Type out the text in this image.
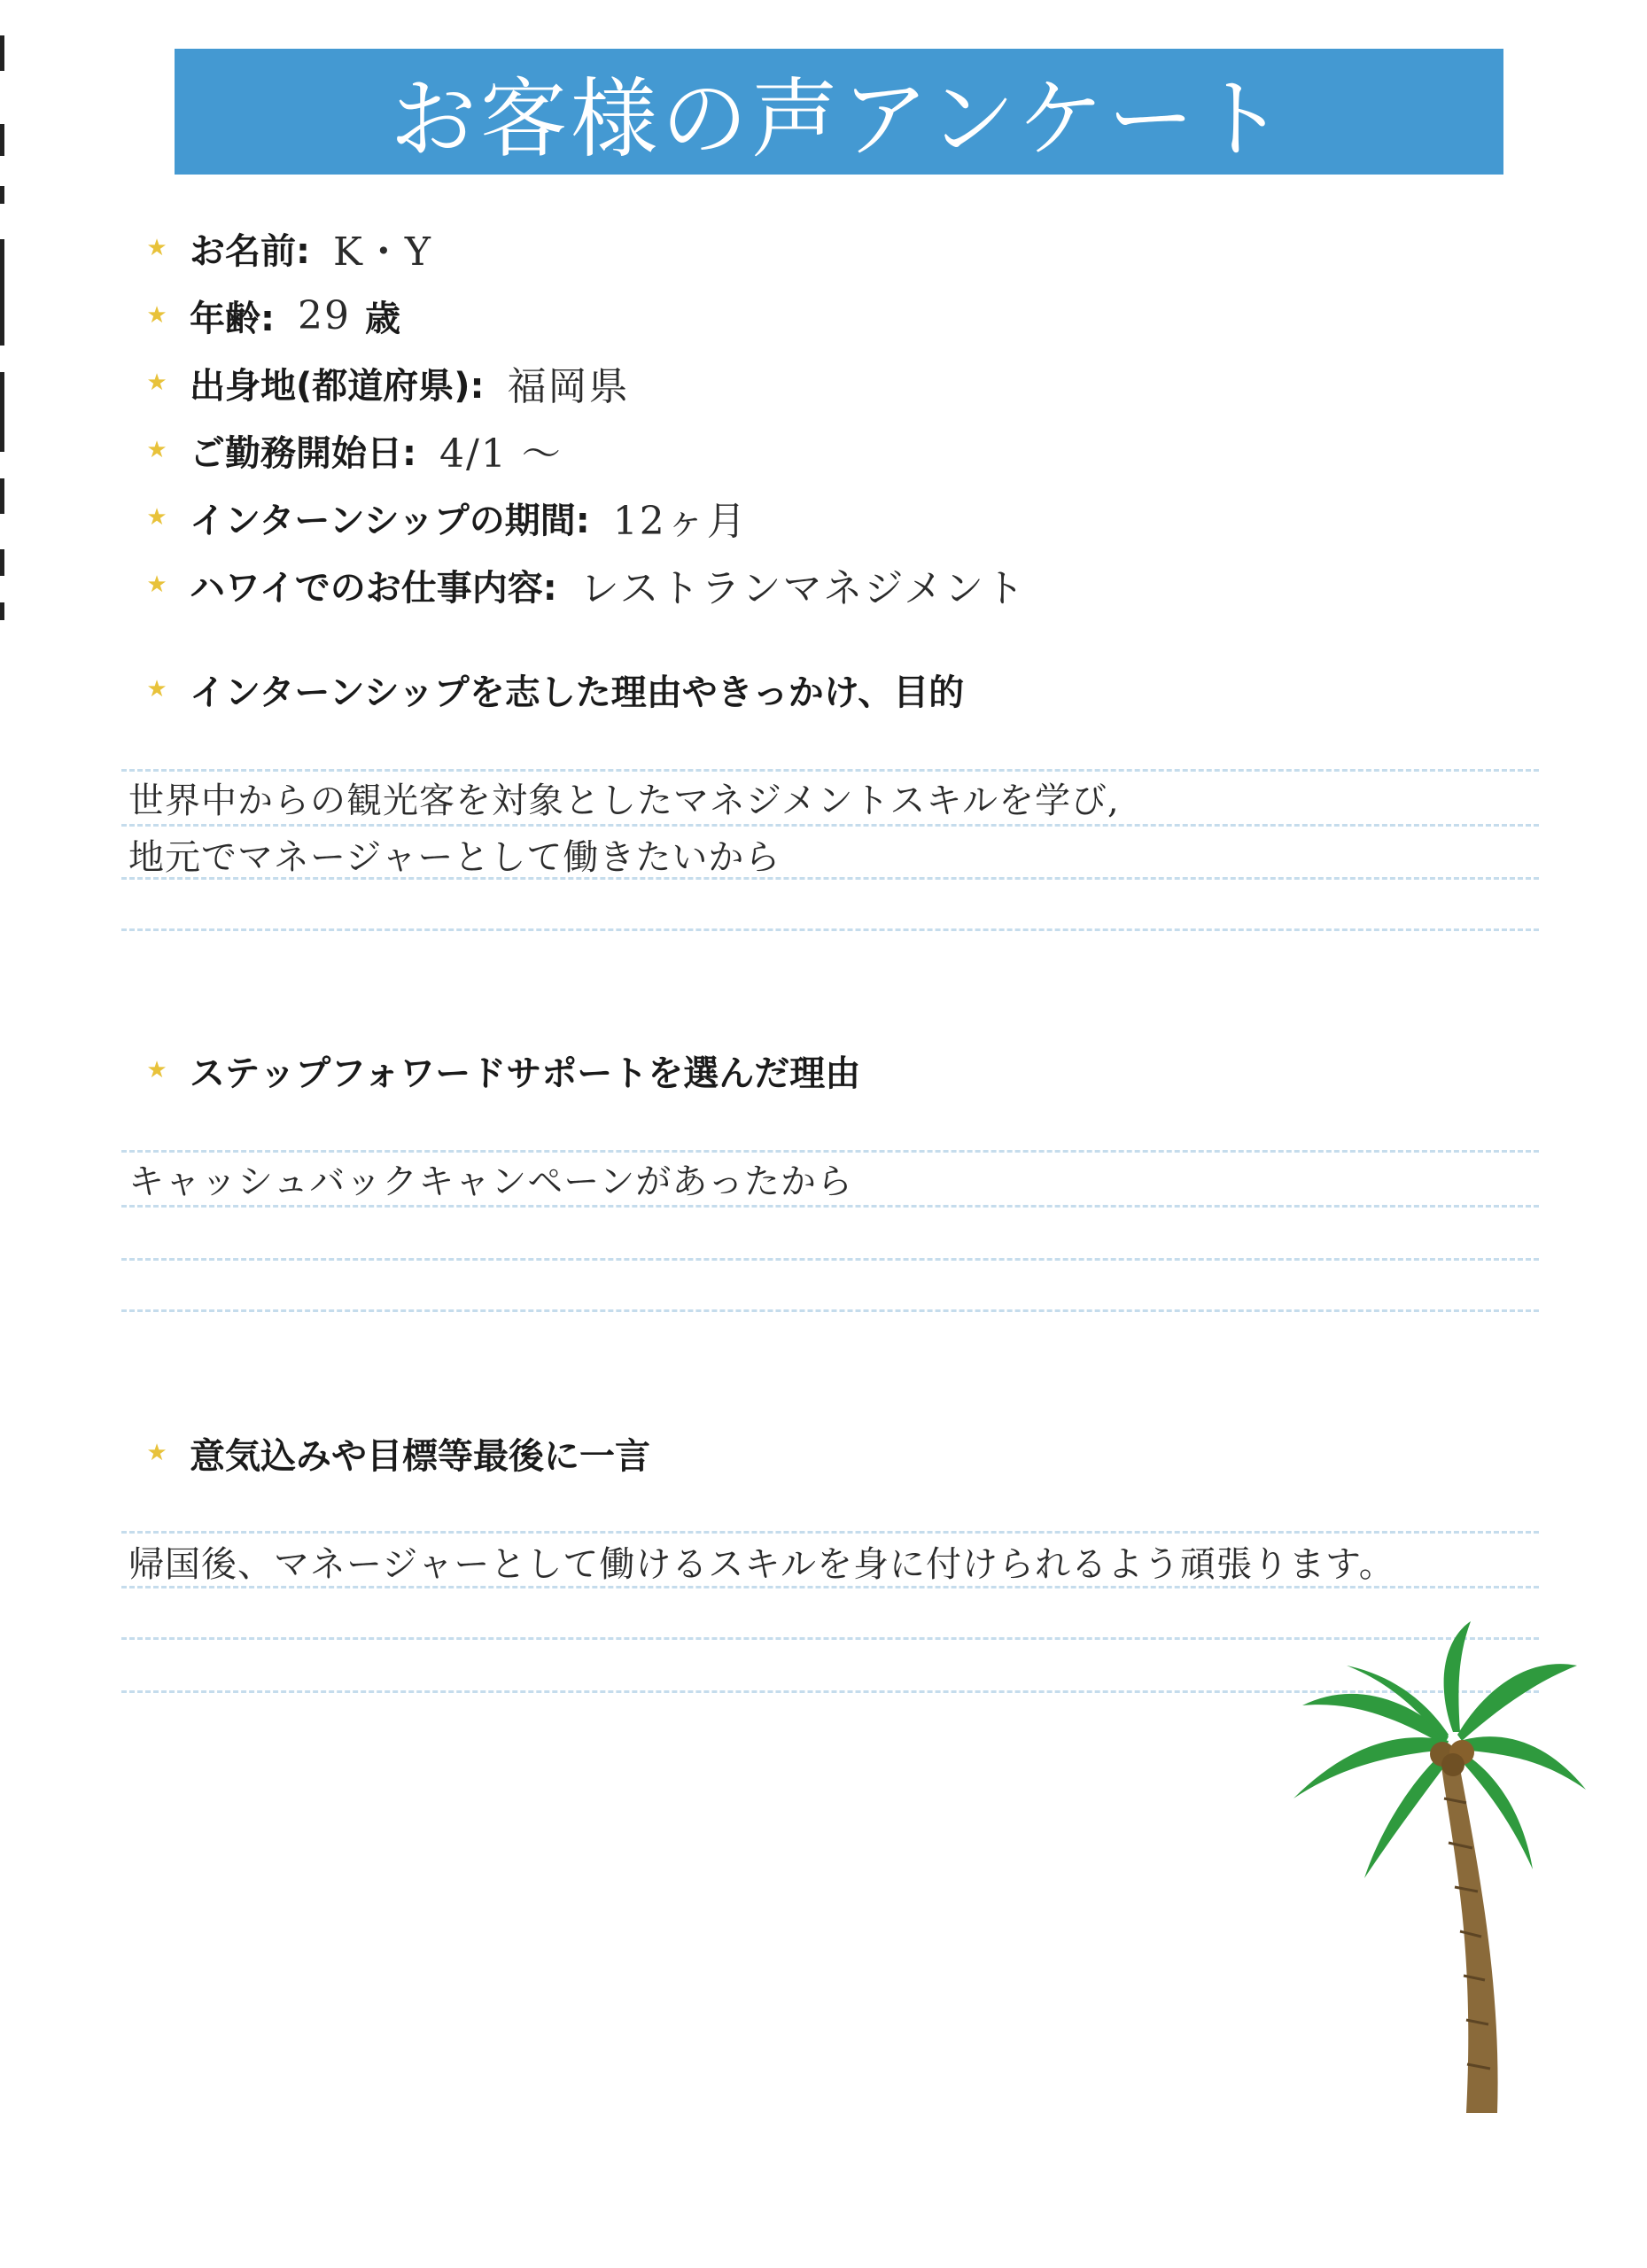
お客様の声アンケート
★ お名前: K・Y
★ 年齢: 29 歳
★ 出身地(都道府県): 福岡県
★ ご勤務開始日: 4/1 ～
★ インターンシップの期間: 12ヶ月
★ ハワイでのお仕事内容: レストランマネジメント
★ インターンシップを志した理由やきっかけ、目的
世界中からの観光客を対象としたマネジメントスキルを学び,
地元でマネージャーとして働きたいから
★ ステップフォワードサポートを選んだ理由
キャッシュバックキャンペーンがあったから
★ 意気込みや目標等最後に一言
帰国後、マネージャーとして働けるスキルを身に付けられるよう頑張ります。
